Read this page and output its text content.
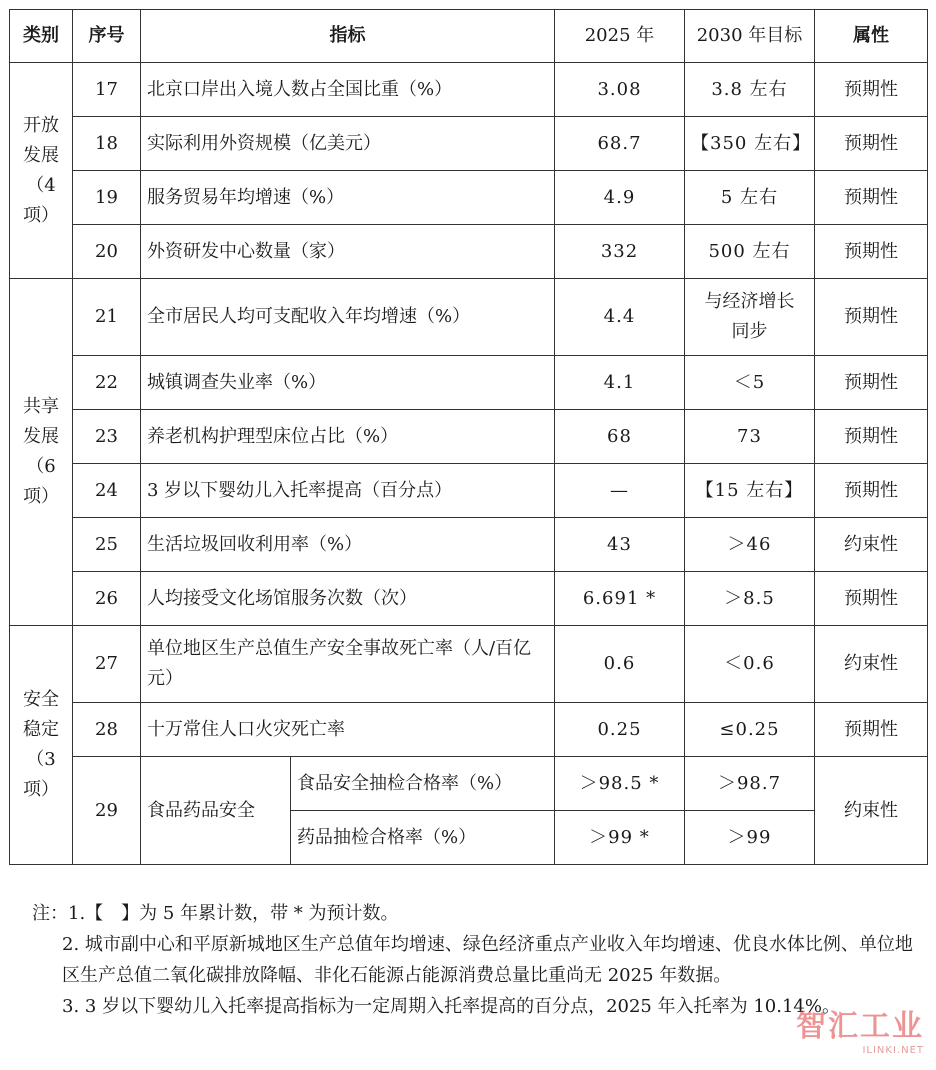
类别	序号	指标		2025 年	2030 年目标	属性

开放
发展
（4 项）	17	北京口岸出入境人数占全国比重（%）		3.08	3.8 左右	预期性
	18	实际利用外资规模（亿美元）		68.7	【350 左右】	预期性
	19	服务贸易年均增速（%）		4.9	5 左右	预期性
	20	外资研发中心数量（家）		332	500 左右	预期性

共享
发展
（6 项）	21	全市居民人均可支配收入年均增速（%）		4.4	与经济增长同步	预期性
	22	城镇调查失业率（%）		4.1	＜5	预期性
	23	养老机构护理型床位占比（%）		68	73	预期性
	24	3 岁以下婴幼儿入托率提高（百分点）		—	【15 左右】	预期性
	25	生活垃圾回收利用率（%）		43	＞46	约束性
	26	人均接受文化场馆服务次数（次）		6.691 *	＞8.5	预期性

安全
稳定
（3 项）	27	单位地区生产总值生产安全事故死亡率（人/百亿元）		0.6	＜0.6	约束性
	28	十万常住人口火灾死亡率		0.25	≤0.25	预期性
	29	食品药品安全	食品安全抽检合格率（%）	＞98.5 *	＞98.7	约束性
			药品抽检合格率（%）	＞99 *	＞99	

注：1.【　】为 5 年累计数，带 * 为预计数。

2. 城市副中心和平原新城地区生产总值年均增速、绿色经济重点产业收入年均增速、优良水体比例、单位地区生产总值二氧化碳排放降幅、非化石能源占能源消费总量比重尚无 2025 年数据。

3. 3 岁以下婴幼儿入托率提高指标为一定周期入托率提高的百分点，2025 年入托率为 10.14%。

智汇工业
ILINKI.NET
